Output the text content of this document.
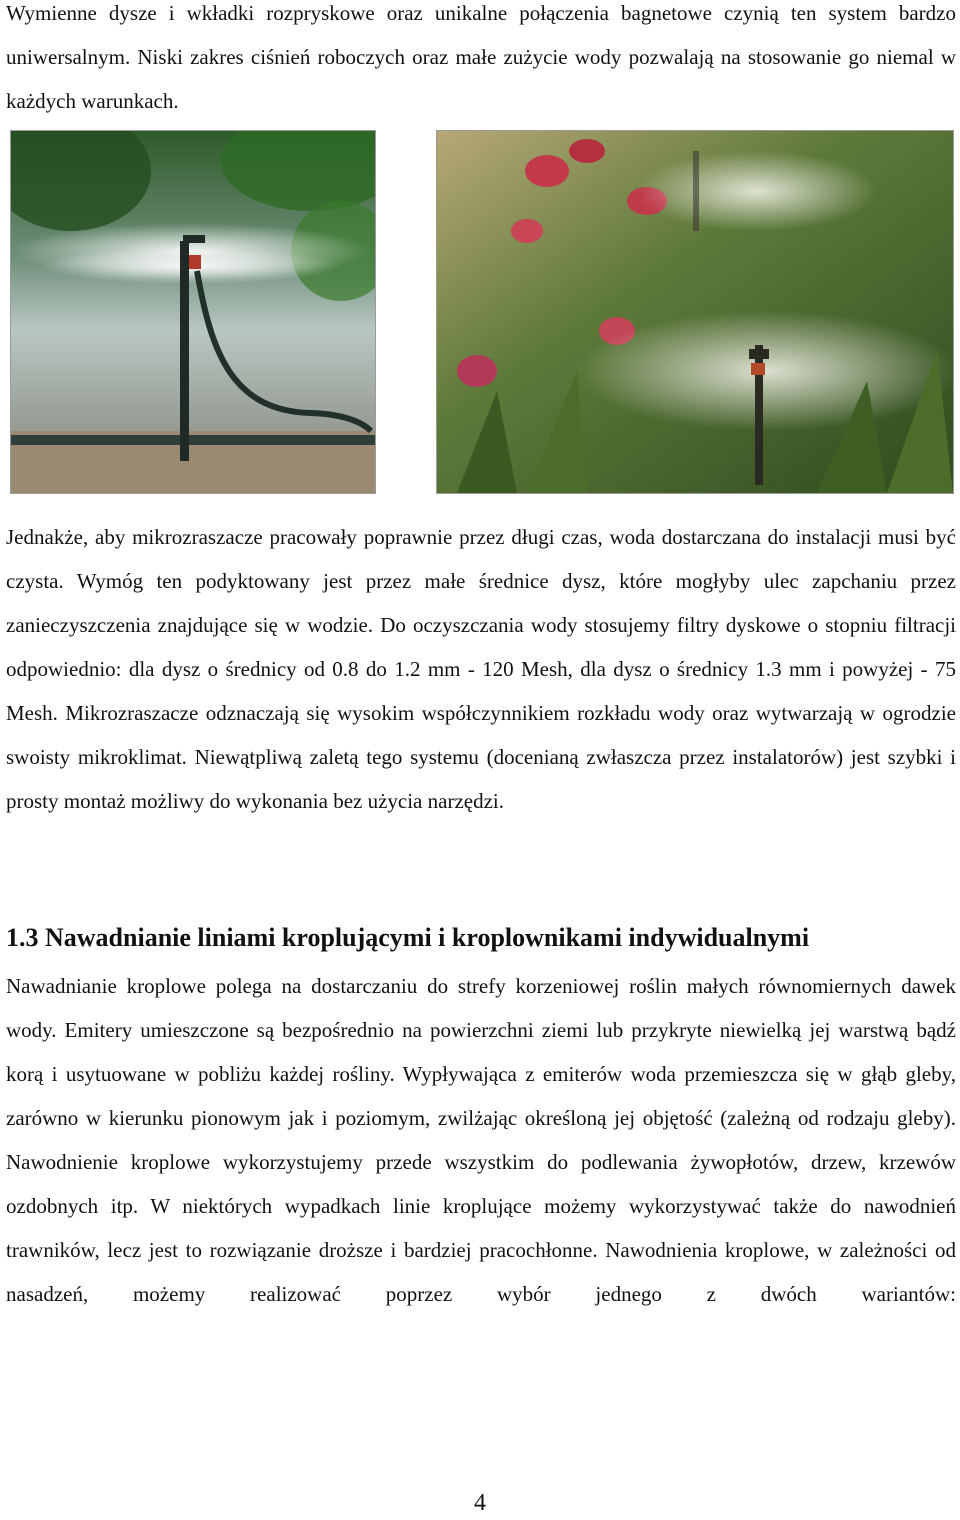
Wymienne dysze i wkładki rozpryskowe oraz unikalne połączenia bagnetowe czynią ten system bardzo uniwersalnym. Niski zakres ciśnień roboczych oraz małe zużycie wody pozwalają na stosowanie go niemal w każdych warunkach.

Jednakże, aby mikrozraszacze pracowały poprawnie przez długi czas, woda dostarczana do instalacji musi być czysta. Wymóg ten podyktowany jest przez małe średnice dysz, które mogłyby ulec zapchaniu przez zanieczyszczenia znajdujące się w wodzie. Do oczyszczania wody stosujemy filtry dyskowe o stopniu filtracji odpowiednio: dla dysz o średnicy od 0.8 do 1.2 mm - 120 Mesh, dla dysz o średnicy 1.3 mm i powyżej - 75 Mesh. Mikrozraszacze odznaczają się wysokim współczynnikiem rozkładu wody oraz wytwarzają w ogrodzie swoisty mikroklimat. Niewątpliwą zaletą tego systemu (docenianą zwłaszcza przez instalatorów) jest szybki i prosty montaż możliwy do wykonania bez użycia narzędzi.

1.3 Nawadnianie liniami kroplującymi i kroplownikami indywidualnymi

Nawadnianie kroplowe polega na dostarczaniu do strefy korzeniowej roślin małych równomiernych dawek wody. Emitery umieszczone są bezpośrednio na powierzchni ziemi lub przykryte niewielką jej warstwą bądź korą i usytuowane w pobliżu każdej rośliny. Wypływająca z emiterów woda przemieszcza się w głąb gleby, zarówno w kierunku pionowym jak i poziomym, zwilżając określoną jej objętość (zależną od rodzaju gleby). Nawodnienie kroplowe wykorzystujemy przede wszystkim do podlewania żywopłotów, drzew, krzewów ozdobnych itp. W niektórych wypadkach linie kroplujące możemy wykorzystywać także do nawodnień trawników, lecz jest to rozwiązanie droższe i bardziej pracochłonne. Nawodnienia kroplowe, w zależności od nasadzeń, możemy realizować poprzez wybór jednego z dwóch wariantów:

4
